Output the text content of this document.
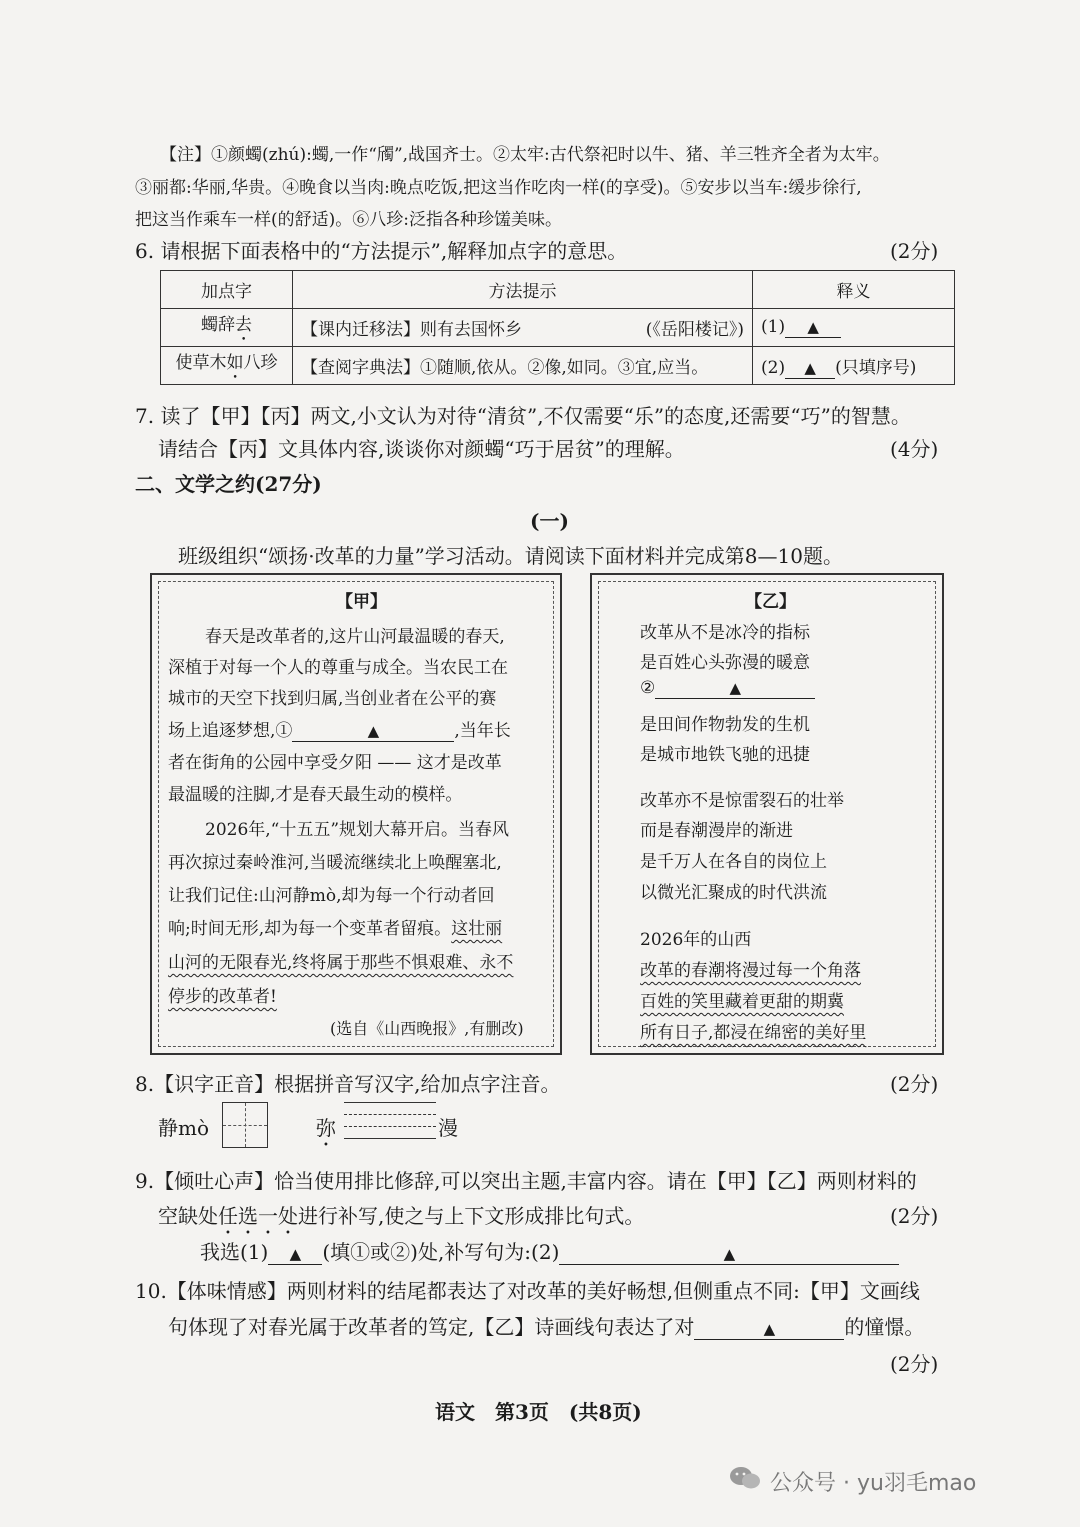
【注】①颜蠋(zhú):蠋,一作“斶”,战国齐士。②太牢:古代祭祀时以牛、猪、羊三牲齐全者为太牢。
③丽都:华丽,华贵。④晚食以当肉:晚点吃饭,把这当作吃肉一样(的享受)。⑤安步以当车:缓步徐行,
把这当作乘车一样(的舒适)。⑥八珍:泛指各种珍馐美味。
6. 请根据下面表格中的“方法提示”,解释加点字的意思。	(2分)
加点字	方法提示	释义
蠋辞去	【课内迁移法】则有去国怀乡 (《岳阳楼记》)	(1) ▲
使草木如八珍	【查阅字典法】①随顺,依从。②像,如同。③宜,应当。	(2) ▲ (只填序号)
7. 读了【甲】【丙】两文,小文认为对待“清贫”,不仅需要“乐”的态度,还需要“巧”的智慧。
请结合【丙】文具体内容,谈谈你对颜蠋“巧于居贫”的理解。	(4分)
二、文学之约(27分)
(一)
班级组织“颂扬·改革的力量”学习活动。请阅读下面材料并完成第8—10题。
【甲】
春天是改革者的,这片山河最温暖的春天,
深植于对每一个人的尊重与成全。当农民工在
城市的天空下找到归属,当创业者在公平的赛
场上追逐梦想,①	▲	,当年长
者在街角的公园中享受夕阳 —— 这才是改革
最温暖的注脚,才是春天最生动的模样。
2026年,“十五五”规划大幕开启。当春风
再次掠过秦岭淮河,当暖流继续北上唤醒塞北,
让我们记住:山河静mò,却为每一个行动者回
响;时间无形,却为每一个变革者留痕。这壮丽
山河的无限春光,终将属于那些不惧艰难、永不
停步的改革者!
(选自《山西晚报》,有删改)
【乙】
改革从不是冰冷的指标
是百姓心头弥漫的暖意
②	▲
是田间作物勃发的生机
是城市地铁飞驰的迅捷
改革亦不是惊雷裂石的壮举
而是春潮漫岸的渐进
是千万人在各自的岗位上
以微光汇聚成的时代洪流
2026年的山西
改革的春潮将漫过每一个角落
百姓的笑里藏着更甜的期冀
所有日子,都浸在绵密的美好里
8.【识字正音】根据拼音写汉字,给加点字注音。	(2分)
静mò	弥	漫
9.【倾吐心声】恰当使用排比修辞,可以突出主题,丰富内容。请在【甲】【乙】两则材料的
空缺处任选一处进行补写,使之与上下文形成排比句式。	(2分)
我选(1) ▲ (填①或②)处,补写句为:(2)	▲
10.【体味情感】两则材料的结尾都表达了对改革的美好畅想,但侧重点不同:【甲】文画线
句体现了对春光属于改革者的笃定,【乙】诗画线句表达了对	▲	的憧憬。
(2分)
语文　第3页　(共8页)
公众号 · yu羽毛mao
